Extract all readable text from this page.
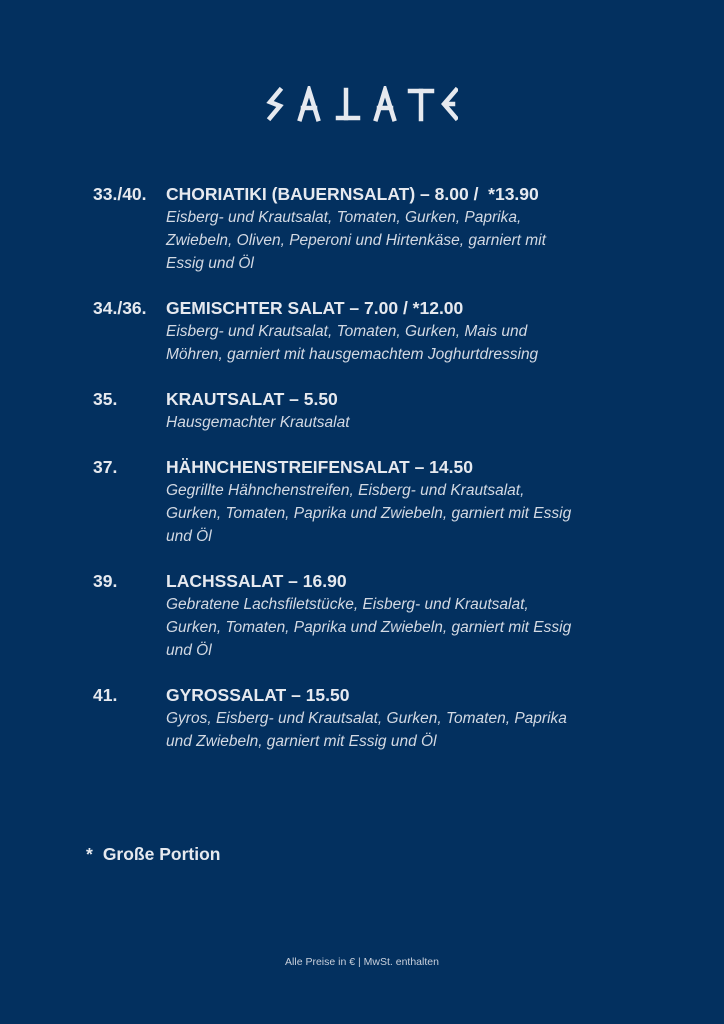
33./40. CHORIATIKI (BAUERNSALAT) – 8.00 /  *13.90
Eisberg- und Krautsalat, Tomaten, Gurken, Paprika,
Zwiebeln, Oliven, Peperoni und Hirtenkäse, garniert mit
Essig und Öl
34./36. GEMISCHTER SALAT – 7.00 / *12.00
Eisberg- und Krautsalat, Tomaten, Gurken, Mais und
Möhren, garniert mit hausgemachtem Joghurtdressing
35.	KRAUTSALAT – 5.50
Hausgemachter Krautsalat
37.	HÄHNCHENSTREIFENSALAT – 14.50
Gegrillte Hähnchenstreifen, Eisberg- und Krautsalat,
Gurken, Tomaten, Paprika und Zwiebeln, garniert mit Essig
und Öl
39.	LACHSSALAT – 16.90
Gebratene Lachsfiletstücke, Eisberg- und Krautsalat,
Gurken, Tomaten, Paprika und Zwiebeln, garniert mit Essig
und Öl
41.	GYROSSALAT – 15.50
Gyros, Eisberg- und Krautsalat, Gurken, Tomaten, Paprika
und Zwiebeln, garniert mit Essig und Öl
* Große Portion
Alle Preise in € | MwSt. enthalten
